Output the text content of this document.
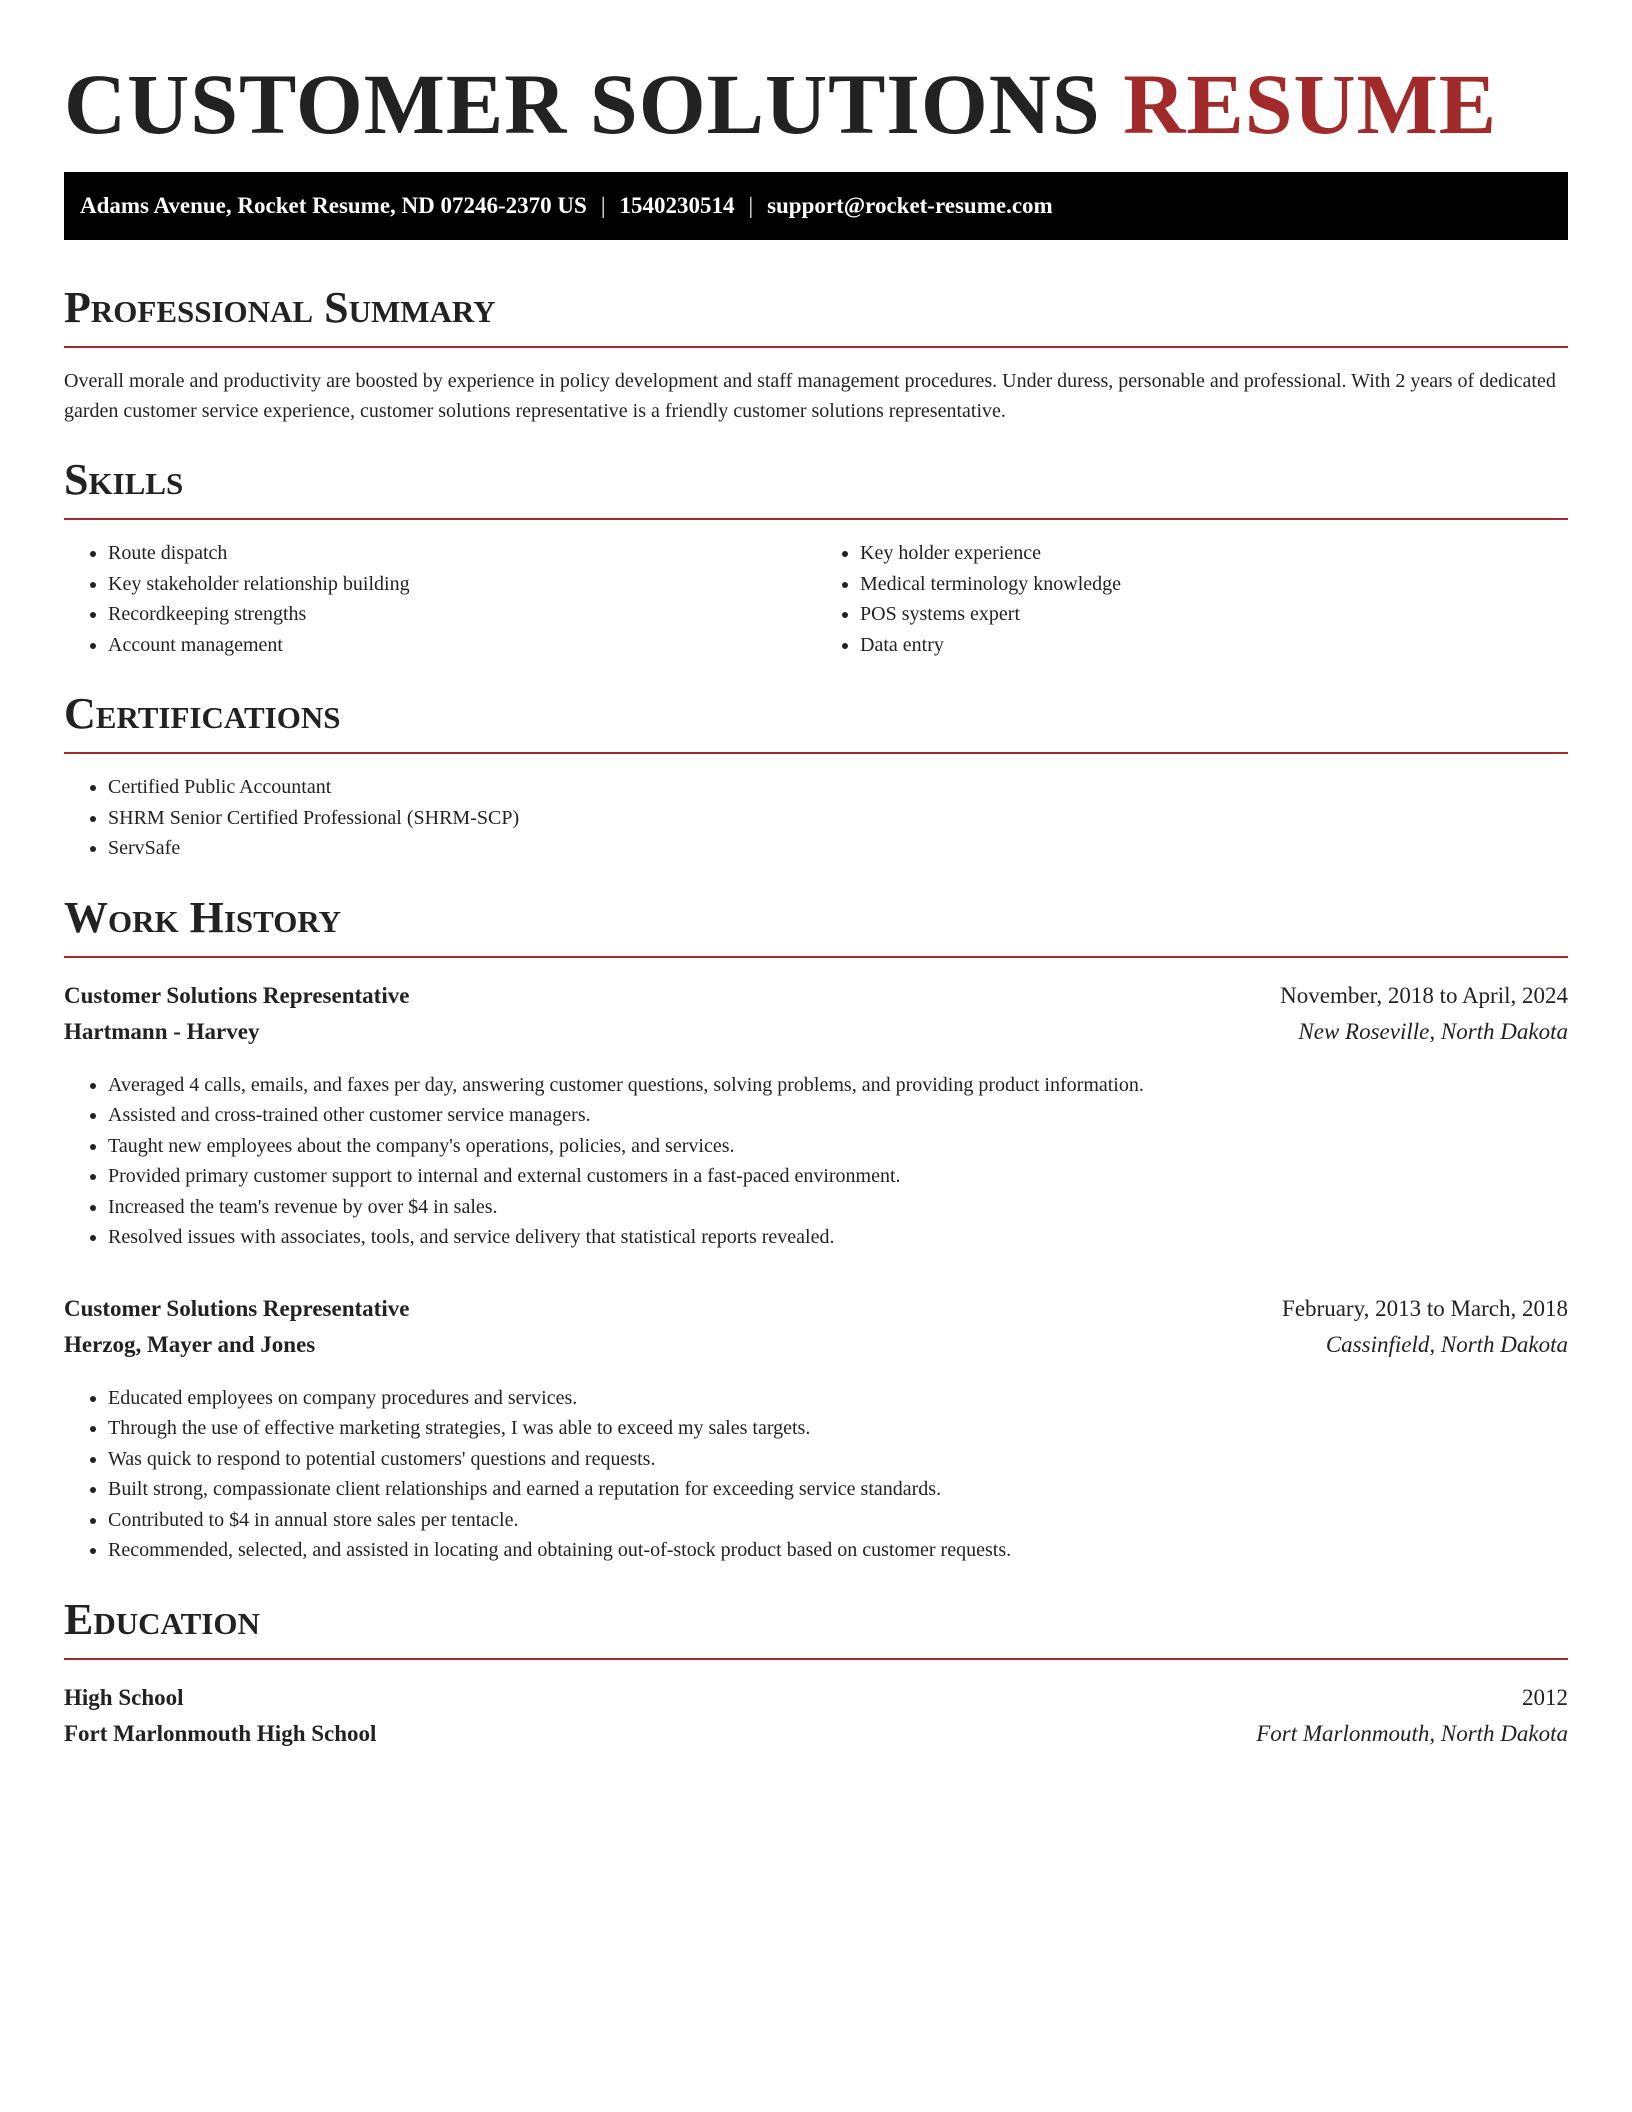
CUSTOMER SOLUTIONS RESUME
Adams Avenue, Rocket Resume, ND 07246-2370 US | 1540230514 | support@rocket-resume.com
Professional Summary

Overall morale and productivity are boosted by experience in policy development and staff management procedures. Under duress, personable and professional. With 2 years of dedicated garden customer service experience, customer solutions representative is a friendly customer solutions representative.

Skills
• Route dispatch
• Key stakeholder relationship building
• Recordkeeping strengths
• Account management
• Key holder experience
• Medical terminology knowledge
• POS systems expert
• Data entry
Certifications
• Certified Public Accountant
• SHRM Senior Certified Professional (SHRM-SCP)
• ServSafe
Work History
Customer Solutions Representative	November, 2018 to April, 2024
Hartmann - Harvey	New Roseville, North Dakota
• Averaged 4 calls, emails, and faxes per day, answering customer questions, solving problems, and providing product information.
• Assisted and cross-trained other customer service managers.
• Taught new employees about the company's operations, policies, and services.
• Provided primary customer support to internal and external customers in a fast-paced environment.
• Increased the team's revenue by over $4 in sales.
• Resolved issues with associates, tools, and service delivery that statistical reports revealed.
Customer Solutions Representative	February, 2013 to March, 2018
Herzog, Mayer and Jones	Cassinfield, North Dakota
• Educated employees on company procedures and services.
• Through the use of effective marketing strategies, I was able to exceed my sales targets.
• Was quick to respond to potential customers' questions and requests.
• Built strong, compassionate client relationships and earned a reputation for exceeding service standards.
• Contributed to $4 in annual store sales per tentacle.
• Recommended, selected, and assisted in locating and obtaining out-of-stock product based on customer requests.
Education
High School	2012
Fort Marlonmouth High School	Fort Marlonmouth, North Dakota
